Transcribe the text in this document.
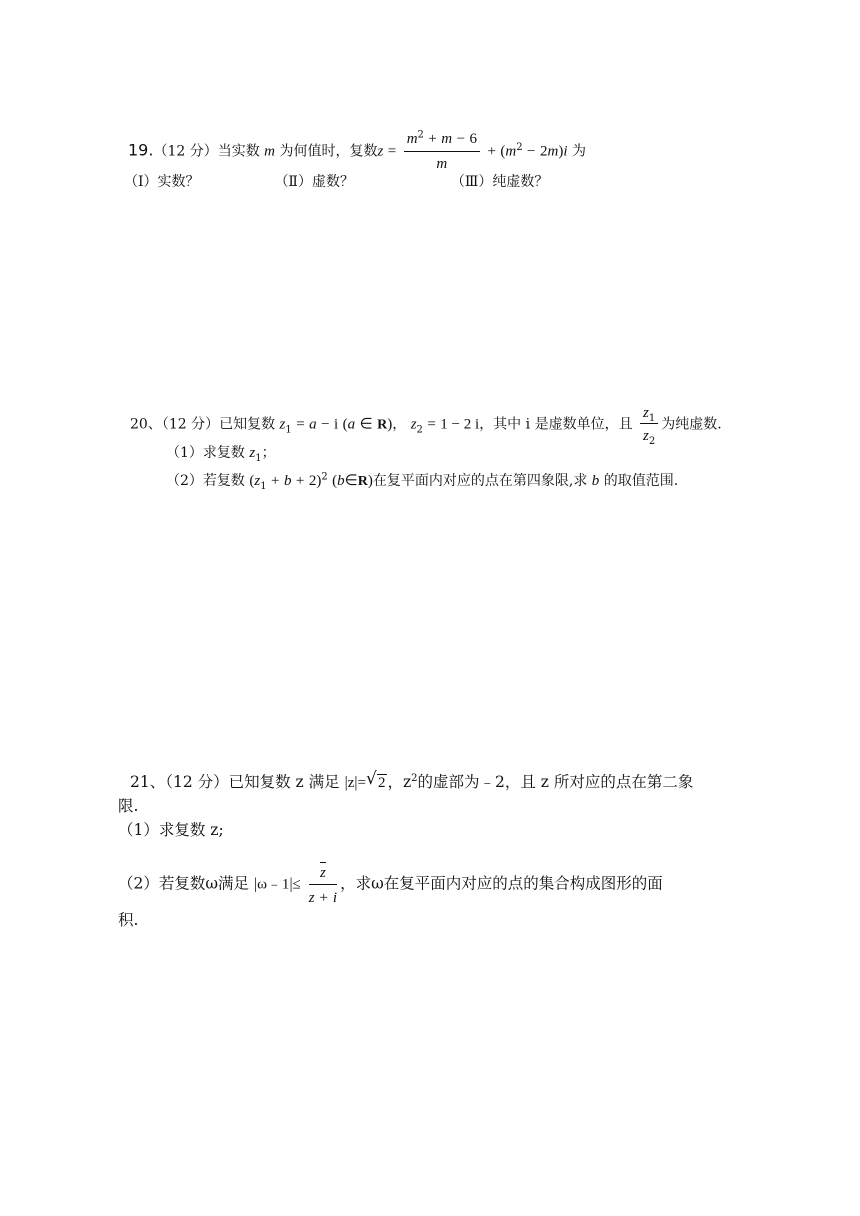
19.（12 分）当实数 m 为何值时，复数$z = \frac{m^2 + m - 6}{m} + (m^2 - 2m)i$ 为
（Ⅰ）实数？	（Ⅱ）虚数？	（Ⅲ）纯虚数？
20、（12 分）已知复数 $z_1 = a - i$ (a ∈ R)， $z_2 = 1 - 2$ i，其中 i 是虚数单位，且 $\frac{z_1}{z_2}$ 为纯虚数.
（1）求复数 $z_1$；
（2）若复数 $(z_1 + b + 2)^2$ (b∈R)在复平面内对应的点在第四象限,求 b 的取值范围.
21、（12 分）已知复数 z 满足 |z|= √ 2 ，$z^2$的虚部为﹣2，且 z 所对应的点在第二象
限.
（1）求复数 z;
（2）若复数ω满足 |ω﹣1|≤ $\frac{z}{z + i}$ ，求ω在复平面内对应的点的集合构成图形的面
积.
